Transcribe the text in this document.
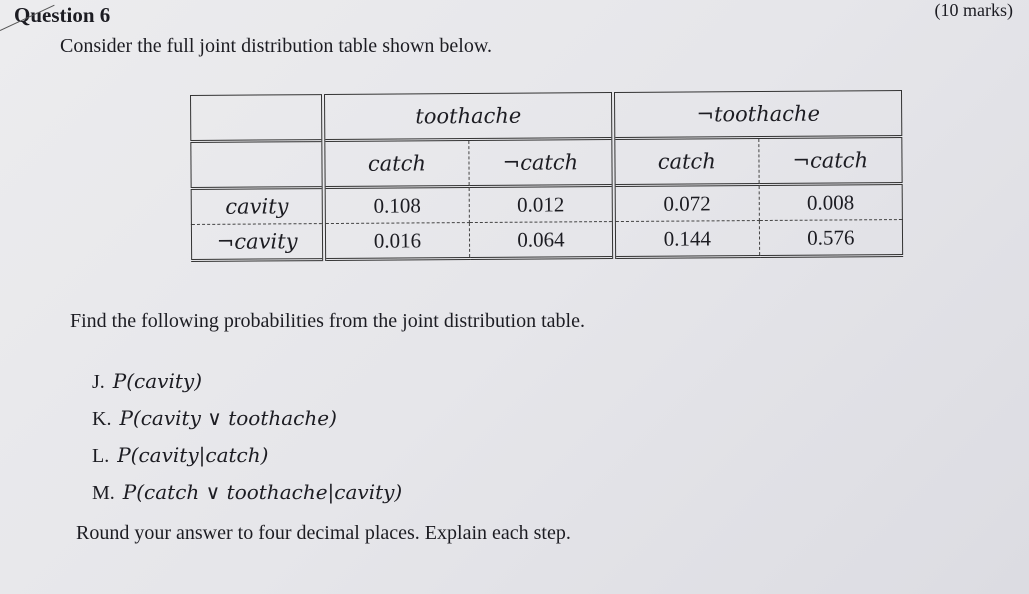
Question 6	(10 marks)
Consider the full joint distribution table shown below.
	toothache		¬toothache	
	catch	¬catch	catch	¬catch
cavity	0.108	0.012	0.072	0.008
¬cavity	0.016	0.064	0.144	0.576
Find the following probabilities from the joint distribution table.
J. P(cavity)
K. P(cavity ∨ toothache)
L. P(cavity|catch)
M. P(catch ∨ toothache|cavity)
Round your answer to four decimal places. Explain each step.
